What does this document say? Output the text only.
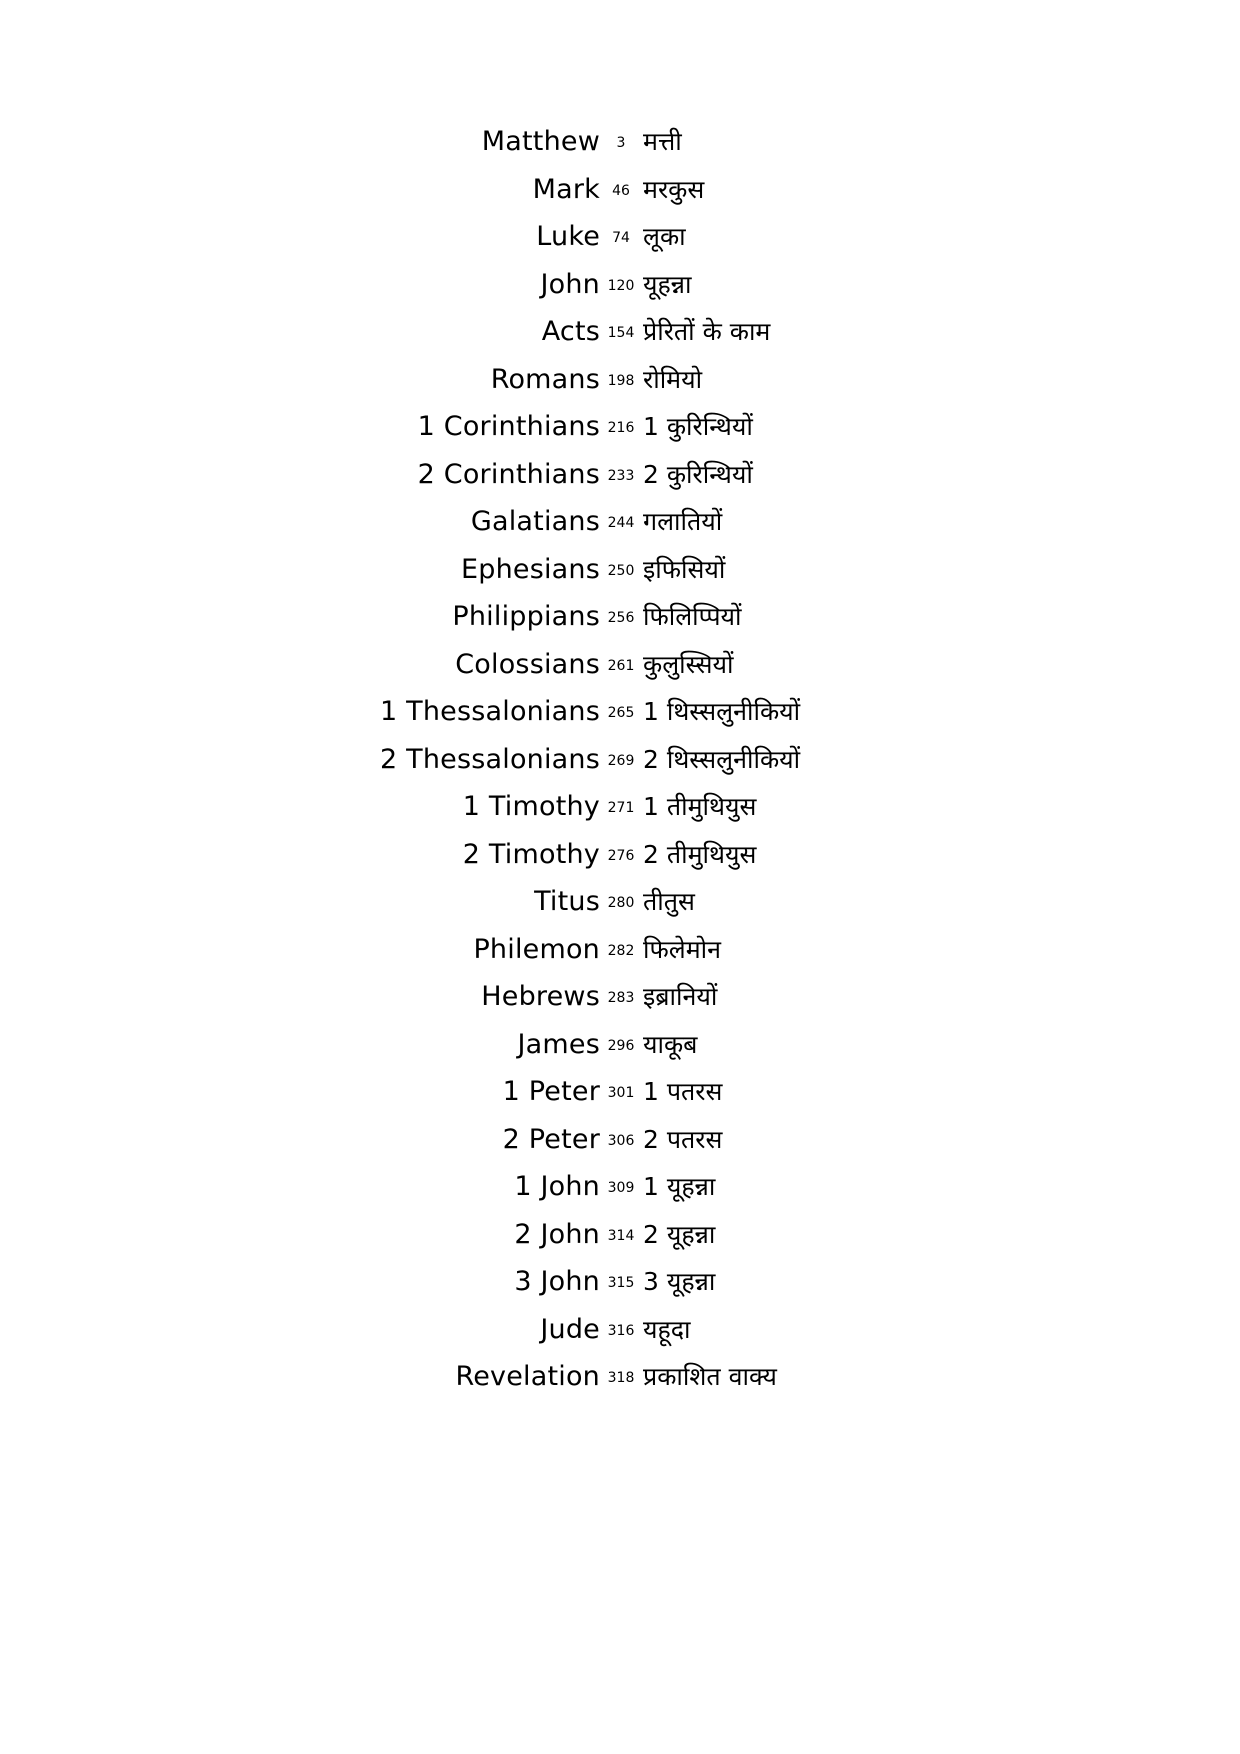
Matthew	3 मत्ती
Mark 46 मरकुस
Luke 74 लूका
John 120 यूहन्ना
Acts 154 प्रेरितों के काम
Romans 198 रोमियो
1 Corinthians 216 1 कुरिन्थियों
2 Corinthians 233 2 कुरिन्थियों
Galatians 244 गलातियों
Ephesians 250 इफिसियों
Philippians 256 फिलिप्पियों
Colossians 261 कुलुस्सियों
1 Thessalonians 265 1 थिस्सलुनीकियों
2 Thessalonians 269 2 थिस्सलुनीकियों
1 Timothy 271 1 तीमुथियुस
2 Timothy 276 2 तीमुथियुस
Titus 280 तीतुस
Philemon 282 फिलेमोन
Hebrews 283 इब्रानियों
James 296 याकूब
1 Peter 301 1 पतरस
2 Peter 306 2 पतरस
1 John 309 1 यूहन्ना
2 John 314 2 यूहन्ना
3 John 315 3 यूहन्ना
Jude 316 यहूदा
Revelation 318 प्रकाशित वाक्य
